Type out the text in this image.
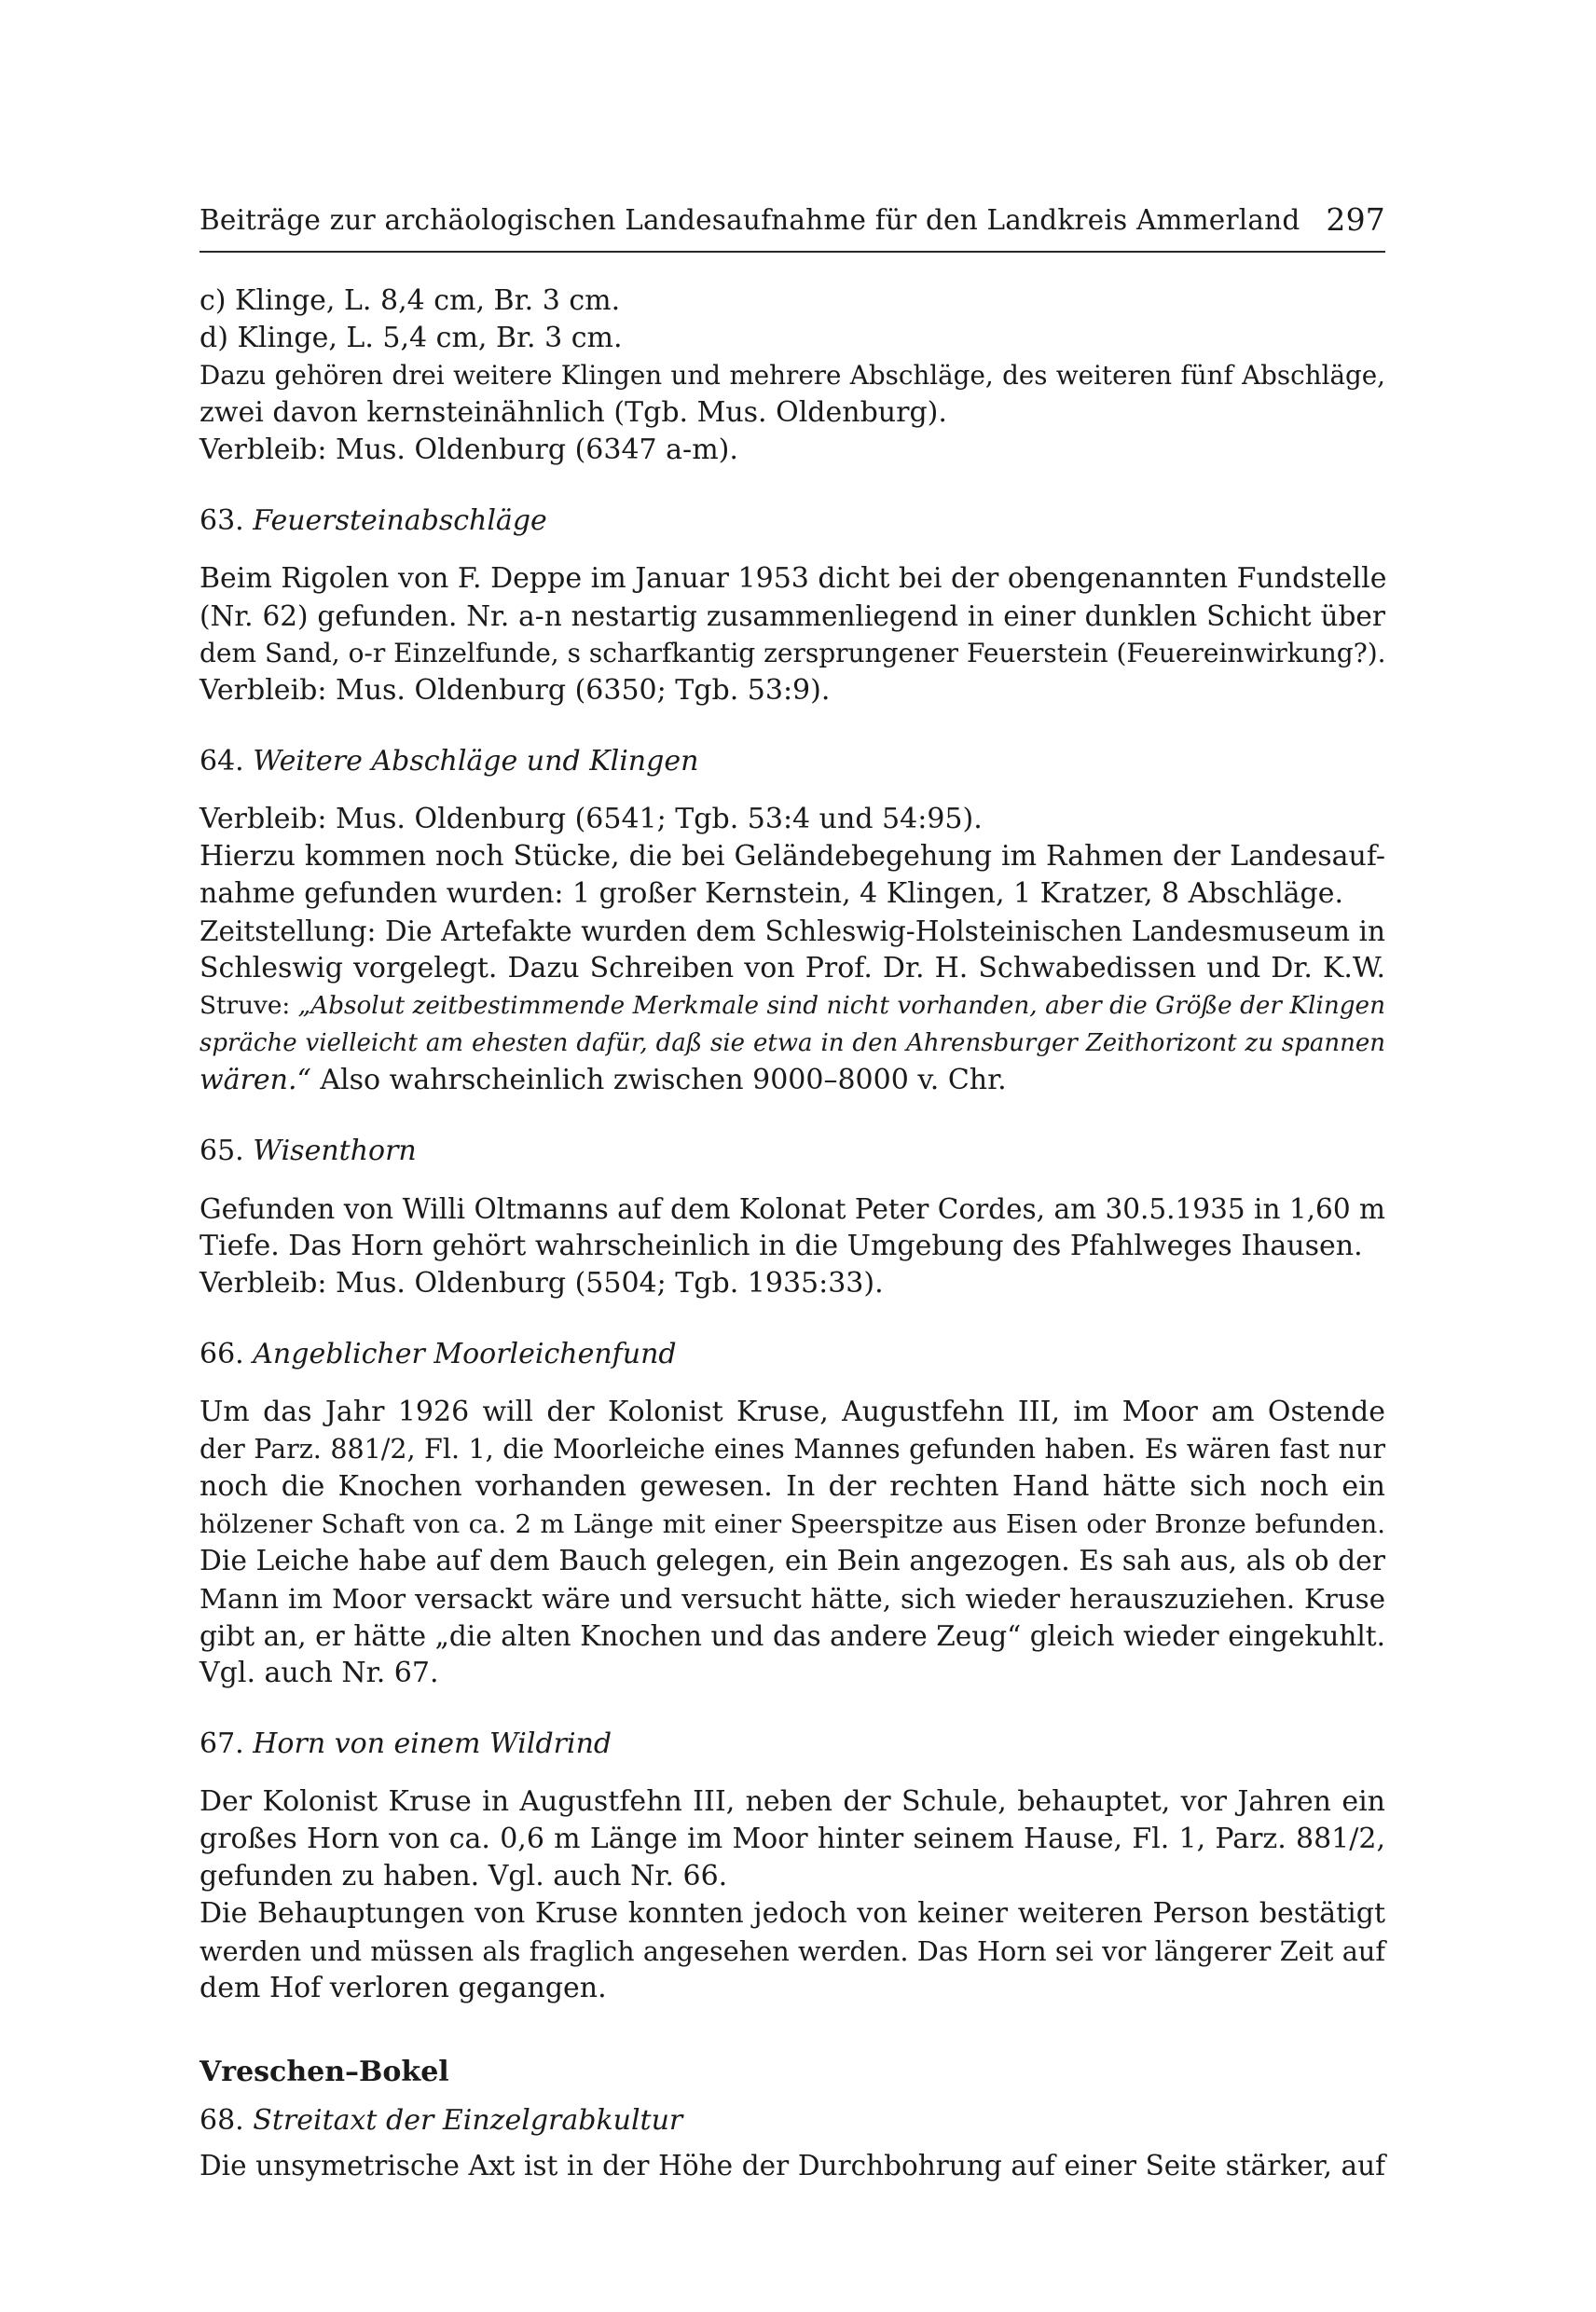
Beiträge zur archäologischen Landesaufnahme für den Landkreis Ammerland 297
c) Klinge, L. 8,4 cm, Br. 3 cm.
d) Klinge, L. 5,4 cm, Br. 3 cm.
Dazu gehören drei weitere Klingen und mehrere Abschläge, des weiteren fünf Abschläge,
zwei davon kernsteinähnlich (Tgb. Mus. Oldenburg).
Verbleib: Mus. Oldenburg (6347 a-m).
63. Feuersteinabschläge
Beim Rigolen von F. Deppe im Januar 1953 dicht bei der obengenannten Fundstelle
(Nr. 62) gefunden. Nr. a-n nestartig zusammenliegend in einer dunklen Schicht über
dem Sand, o-r Einzelfunde, s scharfkantig zersprungener Feuerstein (Feuereinwirkung?).
Verbleib: Mus. Oldenburg (6350; Tgb. 53:9).
64. Weitere Abschläge und Klingen
Verbleib: Mus. Oldenburg (6541; Tgb. 53:4 und 54:95).
Hierzu kommen noch Stücke, die bei Geländebegehung im Rahmen der Landesauf-
nahme gefunden wurden: 1 großer Kernstein, 4 Klingen, 1 Kratzer, 8 Abschläge.
Zeitstellung: Die Artefakte wurden dem Schleswig-Holsteinischen Landesmuseum in
Schleswig vorgelegt. Dazu Schreiben von Prof. Dr. H. Schwabedissen und Dr. K.W.
Struve: „Absolut zeitbestimmende Merkmale sind nicht vorhanden, aber die Größe der Klingen
spräche vielleicht am ehesten dafür, daß sie etwa in den Ahrensburger Zeithorizont zu spannen
wären.“ Also wahrscheinlich zwischen 9000–8000 v. Chr.
65. Wisenthorn
Gefunden von Willi Oltmanns auf dem Kolonat Peter Cordes, am 30.5.1935 in 1,60 m
Tiefe. Das Horn gehört wahrscheinlich in die Umgebung des Pfahlweges Ihausen.
Verbleib: Mus. Oldenburg (5504; Tgb. 1935:33).
66. Angeblicher Moorleichenfund
Um das Jahr 1926 will der Kolonist Kruse, Augustfehn III, im Moor am Ostende
der Parz. 881/2, Fl. 1, die Moorleiche eines Mannes gefunden haben. Es wären fast nur
noch die Knochen vorhanden gewesen. In der rechten Hand hätte sich noch ein
hölzener Schaft von ca. 2 m Länge mit einer Speerspitze aus Eisen oder Bronze befunden.
Die Leiche habe auf dem Bauch gelegen, ein Bein angezogen. Es sah aus, als ob der
Mann im Moor versackt wäre und versucht hätte, sich wieder herauszuziehen. Kruse
gibt an, er hätte „die alten Knochen und das andere Zeug“ gleich wieder eingekuhlt.
Vgl. auch Nr. 67.
67. Horn von einem Wildrind
Der Kolonist Kruse in Augustfehn III, neben der Schule, behauptet, vor Jahren ein
großes Horn von ca. 0,6 m Länge im Moor hinter seinem Hause, Fl. 1, Parz. 881/2,
gefunden zu haben. Vgl. auch Nr. 66.
Die Behauptungen von Kruse konnten jedoch von keiner weiteren Person bestätigt
werden und müssen als fraglich angesehen werden. Das Horn sei vor längerer Zeit auf
dem Hof verloren gegangen.
Vreschen–Bokel
68. Streitaxt der Einzelgrabkultur
Die unsymetrische Axt ist in der Höhe der Durchbohrung auf einer Seite stärker, auf
